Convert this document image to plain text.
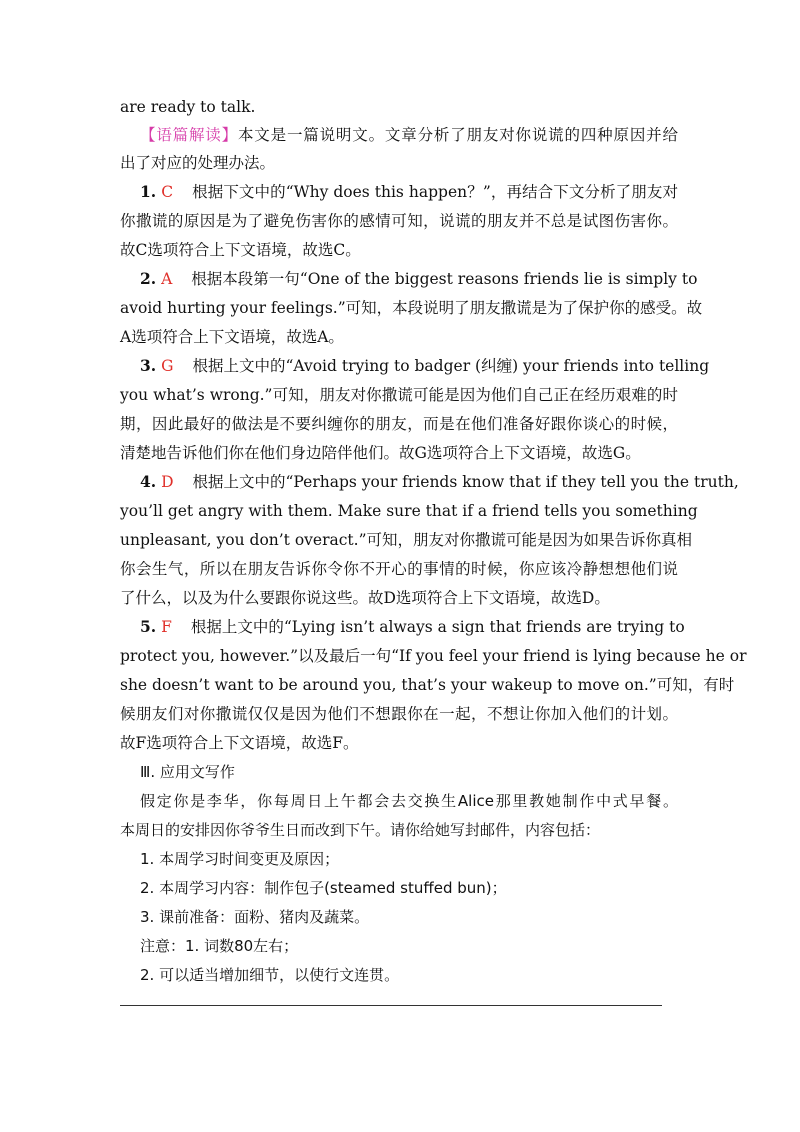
are ready to talk.
【语篇解读】本文是一篇说明文。文章分析了朋友对你说谎的四种原因并给
出了对应的处理办法。
1. C 根据下文中的“Why does this happen？”，再结合下文分析了朋友对
你撒谎的原因是为了避免伤害你的感情可知，说谎的朋友并不总是试图伤害你。
故C选项符合上下文语境，故选C。
2. A 根据本段第一句“One of the biggest reasons friends lie is simply to
avoid hurting your feelings.”可知，本段说明了朋友撒谎是为了保护你的感受。故
A选项符合上下文语境，故选A。
3. G 根据上文中的“Avoid trying to badger (纠缠) your friends into telling
you what’s wrong.”可知，朋友对你撒谎可能是因为他们自己正在经历艰难的时
期，因此最好的做法是不要纠缠你的朋友，而是在他们准备好跟你谈心的时候，
清楚地告诉他们你在他们身边陪伴他们。故G选项符合上下文语境，故选G。
4. D 根据上文中的“Perhaps your friends know that if they tell you the truth,
you’ll get angry with them. Make sure that if a friend tells you something
unpleasant, you don’t overact.”可知，朋友对你撒谎可能是因为如果告诉你真相
你会生气，所以在朋友告诉你令你不开心的事情的时候，你应该冷静想想他们说
了什么，以及为什么要跟你说这些。故D选项符合上下文语境，故选D。
5. F 根据上文中的“Lying isn’t always a sign that friends are trying to
protect you, however.”以及最后一句“If you feel your friend is lying because he or
she doesn’t want to be around you, that’s your wakeup to move on.”可知，有时
候朋友们对你撒谎仅仅是因为他们不想跟你在一起，不想让你加入他们的计划。
故F选项符合上下文语境，故选F。
Ⅲ. 应用文写作
假定你是李华，你每周日上午都会去交换生Alice那里教她制作中式早餐。
本周日的安排因你爷爷生日而改到下午。请你给她写封邮件，内容包括：
1. 本周学习时间变更及原因；
2. 本周学习内容：制作包子(steamed stuffed bun)；
3. 课前准备：面粉、猪肉及蔬菜。
注意：1. 词数80左右；
2. 可以适当增加细节，以使行文连贯。
